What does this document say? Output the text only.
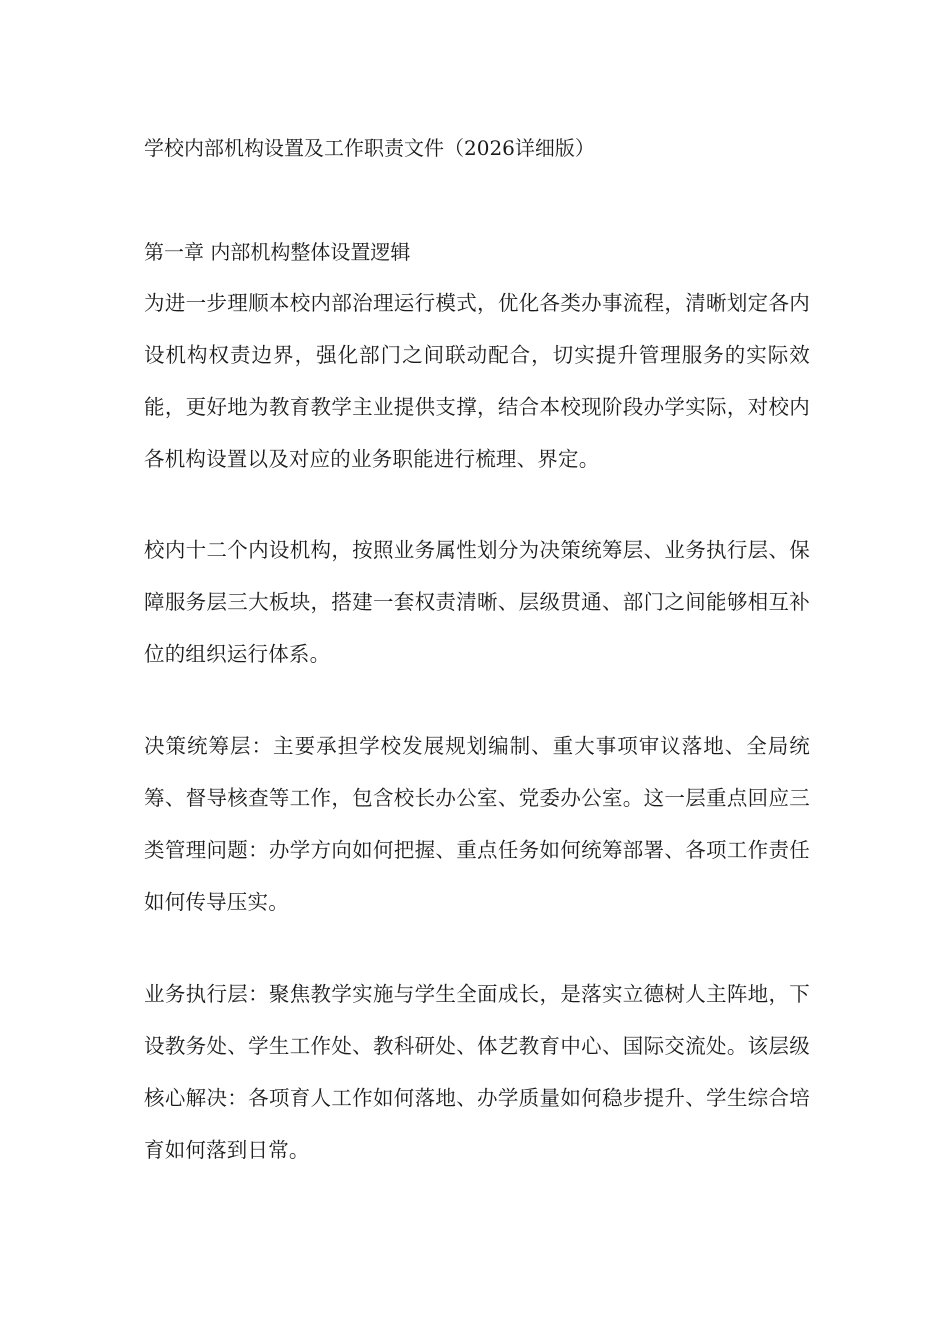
学校内部机构设置及工作职责文件（2026详细版）
第一章 内部机构整体设置逻辑
为进一步理顺本校内部治理运行模式，优化各类办事流程，清晰划定各内设机构权责边界，强化部门之间联动配合，切实提升管理服务的实际效能，更好地为教育教学主业提供支撑，结合本校现阶段办学实际，对校内各机构设置以及对应的业务职能进行梳理、界定。
校内十二个内设机构，按照业务属性划分为决策统筹层、业务执行层、保障服务层三大板块，搭建一套权责清晰、层级贯通、部门之间能够相互补位的组织运行体系。
决策统筹层：主要承担学校发展规划编制、重大事项审议落地、全局统筹、督导核查等工作，包含校长办公室、党委办公室。这一层重点回应三类管理问题：办学方向如何把握、重点任务如何统筹部署、各项工作责任如何传导压实。
业务执行层：聚焦教学实施与学生全面成长，是落实立德树人主阵地，下设教务处、学生工作处、教科研处、体艺教育中心、国际交流处。该层级核心解决：各项育人工作如何落地、办学质量如何稳步提升、学生综合培育如何落到日常。
